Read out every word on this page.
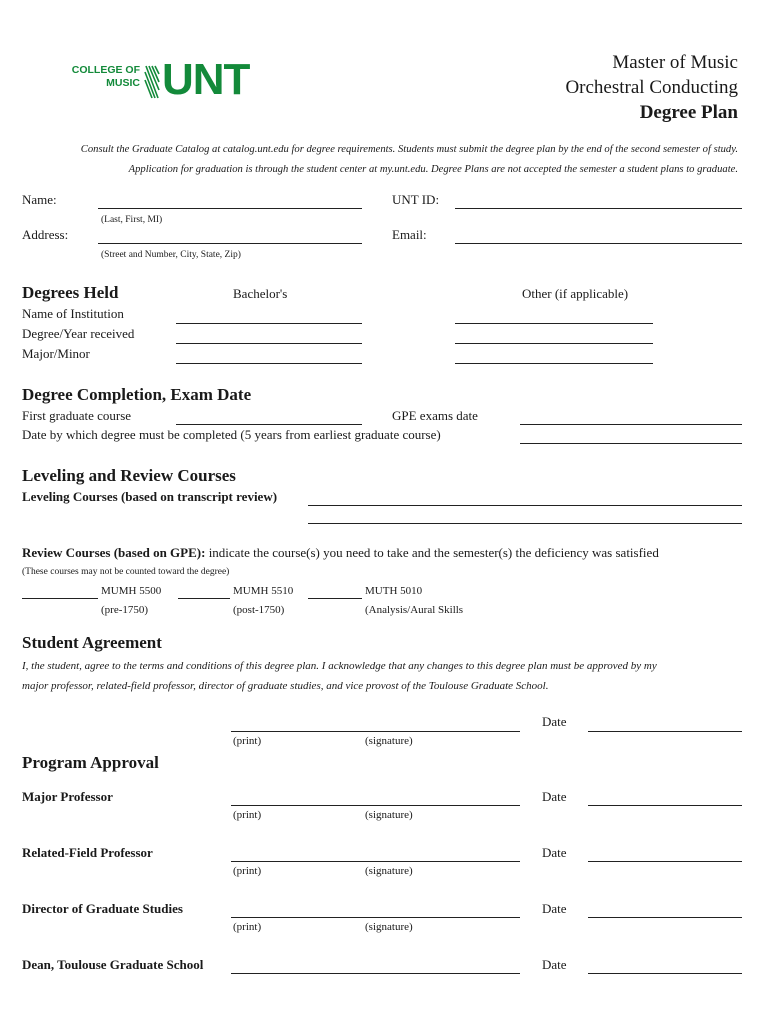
COLLEGE OF
MUSIC UNT	Master of Music
Orchestral Conducting
Degree Plan
Consult the Graduate Catalog at catalog.unt.edu for degree requirements. Students must submit the degree plan by the end of the second semester of study.
Application for graduation is through the student center at my.unt.edu. Degree Plans are not accepted the semester a student plans to graduate.
Name:
(Last, First, MI)
UNT ID:
Address:
(Street and Number, City, State, Zip)
Email:
Degrees Held	Bachelor's	Other (if applicable)
Name of Institution
Degree/Year received
Major/Minor
Degree Completion, Exam Date
First graduate course	GPE exams date
Date by which degree must be completed (5 years from earliest graduate course)
Leveling and Review Courses
Leveling Courses (based on transcript review)
Review Courses (based on GPE): indicate the course(s) you need to take and the semester(s) the deficiency was satisfied
(These courses may not be counted toward the degree)
MUMH 5500
(pre-1750)
MUMH 5510
(post-1750)
MUTH 5010
(Analysis/Aural Skills
Student Agreement
I, the student, agree to the terms and conditions of this degree plan. I acknowledge that any changes to this degree plan must be approved by my
major professor, related-field professor, director of graduate studies, and vice provost of the Toulouse Graduate School.
Date
(print)	(signature)
Program Approval
Major Professor	Date
(print)	(signature)
Related-Field Professor	Date
(print)	(signature)
Director of Graduate Studies	Date
(print)	(signature)
Dean, Toulouse Graduate School	Date
